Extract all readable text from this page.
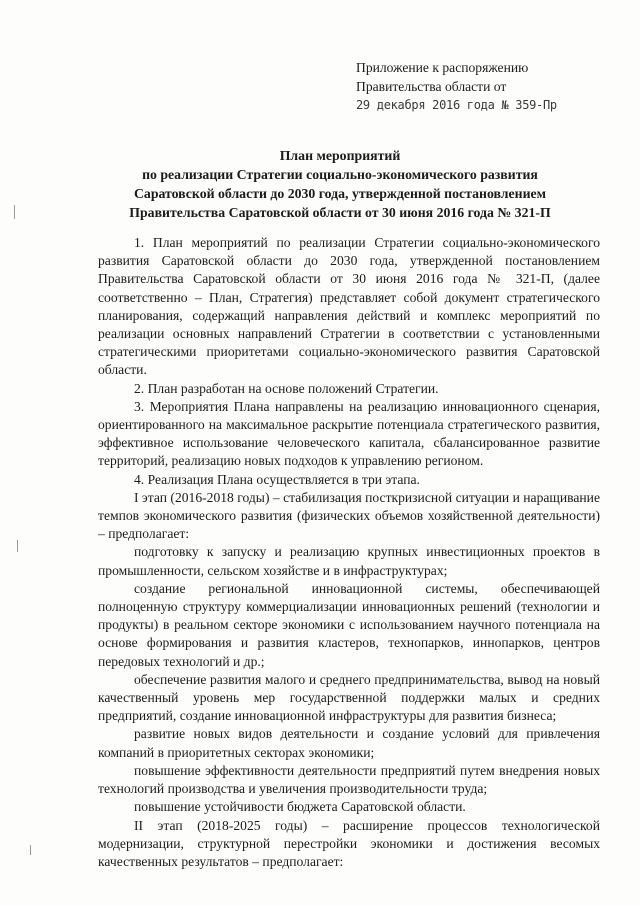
Приложение к распоряжению
Правительства области от
29 декабря 2016 года № 359-Пр
План мероприятий
по реализации Стратегии социально-экономического развития
Саратовской области до 2030 года, утвержденной постановлением
Правительства Саратовской области от 30 июня 2016 года № 321-П

1. План мероприятий по реализации Стратегии социально-экономического развития Саратовской области до 2030 года, утвержденной постановлением Правительства Саратовской области от 30 июня 2016 года № 321-П, (далее соответственно – План, Стратегия) представляет собой документ стратегического планирования, содержащий направления действий и комплекс мероприятий по реализации основных направлений Стратегии в соответствии с установленными стратегическими приоритетами социально-экономического развития Саратовской области.

2. План разработан на основе положений Стратегии.

3. Мероприятия Плана направлены на реализацию инновационного сценария, ориентированного на максимальное раскрытие потенциала стратегического развития, эффективное использование человеческого капитала, сбалансированное развитие территорий, реализацию новых подходов к управлению регионом.

4. Реализация Плана осуществляется в три этапа.

I этап (2016-2018 годы) – стабилизация посткризисной ситуации и наращивание темпов экономического развития (физических объемов хозяйственной деятельности) – предполагает:

подготовку к запуску и реализацию крупных инвестиционных проектов в промышленности, сельском хозяйстве и в инфраструктурах;

создание региональной инновационной системы, обеспечивающей полноценную структуру коммерциализации инновационных решений (технологии и продукты) в реальном секторе экономики с использованием научного потенциала на основе формирования и развития кластеров, технопарков, иннопарков, центров передовых технологий и др.;

обеспечение развития малого и среднего предпринимательства, вывод на новый качественный уровень мер государственной поддержки малых и средних предприятий, создание инновационной инфраструктуры для развития бизнеса;

развитие новых видов деятельности и создание условий для привлечения компаний в приоритетных секторах экономики;

повышение эффективности деятельности предприятий путем внедрения новых технологий производства и увеличения производительности труда;

повышение устойчивости бюджета Саратовской области.

II этап (2018-2025 годы) – расширение процессов технологической модернизации, структурной перестройки экономики и достижения весомых качественных результатов – предполагает:
